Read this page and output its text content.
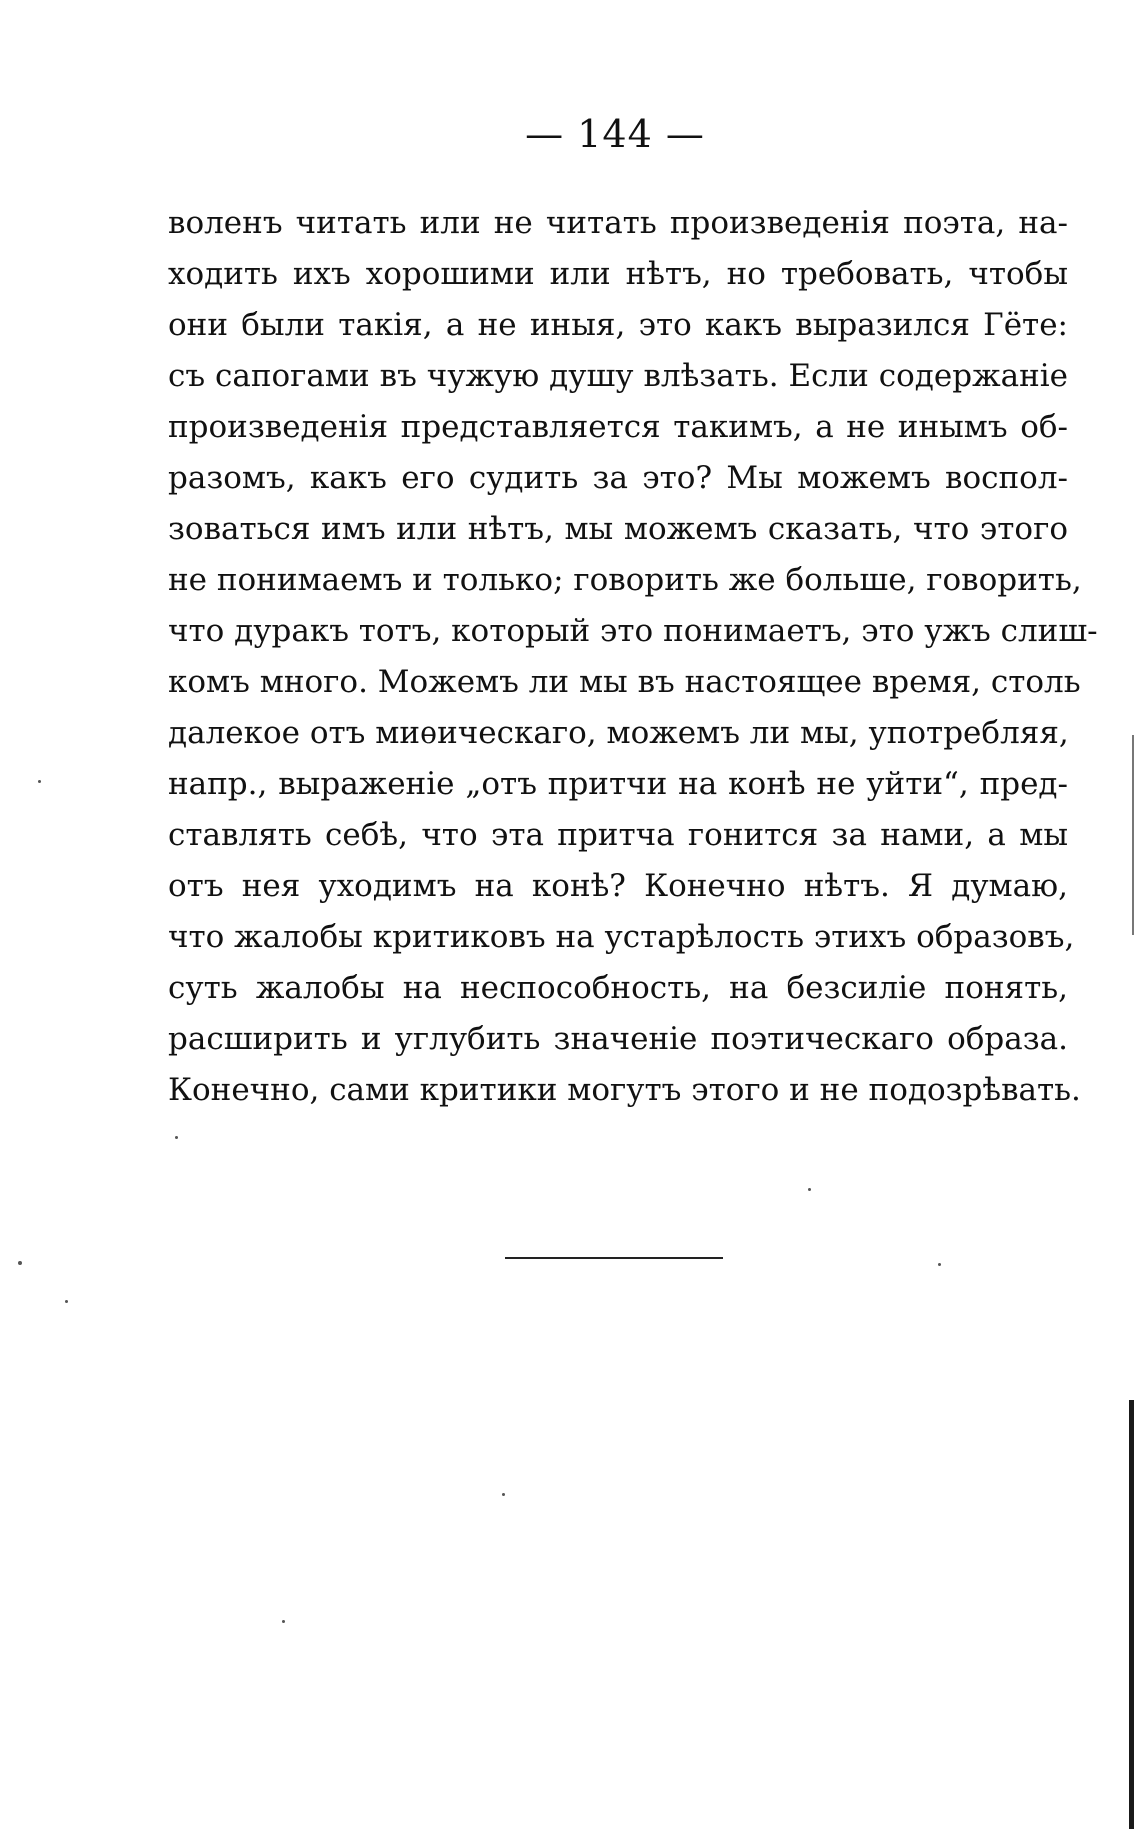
— 144 —
воленъ читать или не читать произведенія поэта, на-
ходить ихъ хорошими или нѣтъ, но требовать, чтобы
они были такія, а не иныя, это какъ выразился Гёте:
съ сапогами въ чужую душу влѣзать. Если содержаніе
произведенія представляется такимъ, а не инымъ об-
разомъ, какъ его судить за это? Мы можемъ воспол-
зоваться имъ или нѣтъ, мы можемъ сказать, что этого
не понимаемъ и только; говорить же больше, говорить,
что дуракъ тотъ, который это понимаетъ, это ужъ слиш-
комъ много. Можемъ ли мы въ настоящее время, столь
далекое отъ миѳическаго, можемъ ли мы, употребляя,
напр., выраженіе „отъ притчи на конѣ не уйти“, пред-
ставлять себѣ, что эта притча гонится за нами, а мы
отъ нея уходимъ на конѣ? Конечно нѣтъ. Я думаю,
что жалобы критиковъ на устарѣлость этихъ образовъ,
суть жалобы на неспособность, на безсиліе понять,
расширить и углубить значеніе поэтическаго образа.
Конечно, сами критики могутъ этого и не подозрѣвать.
